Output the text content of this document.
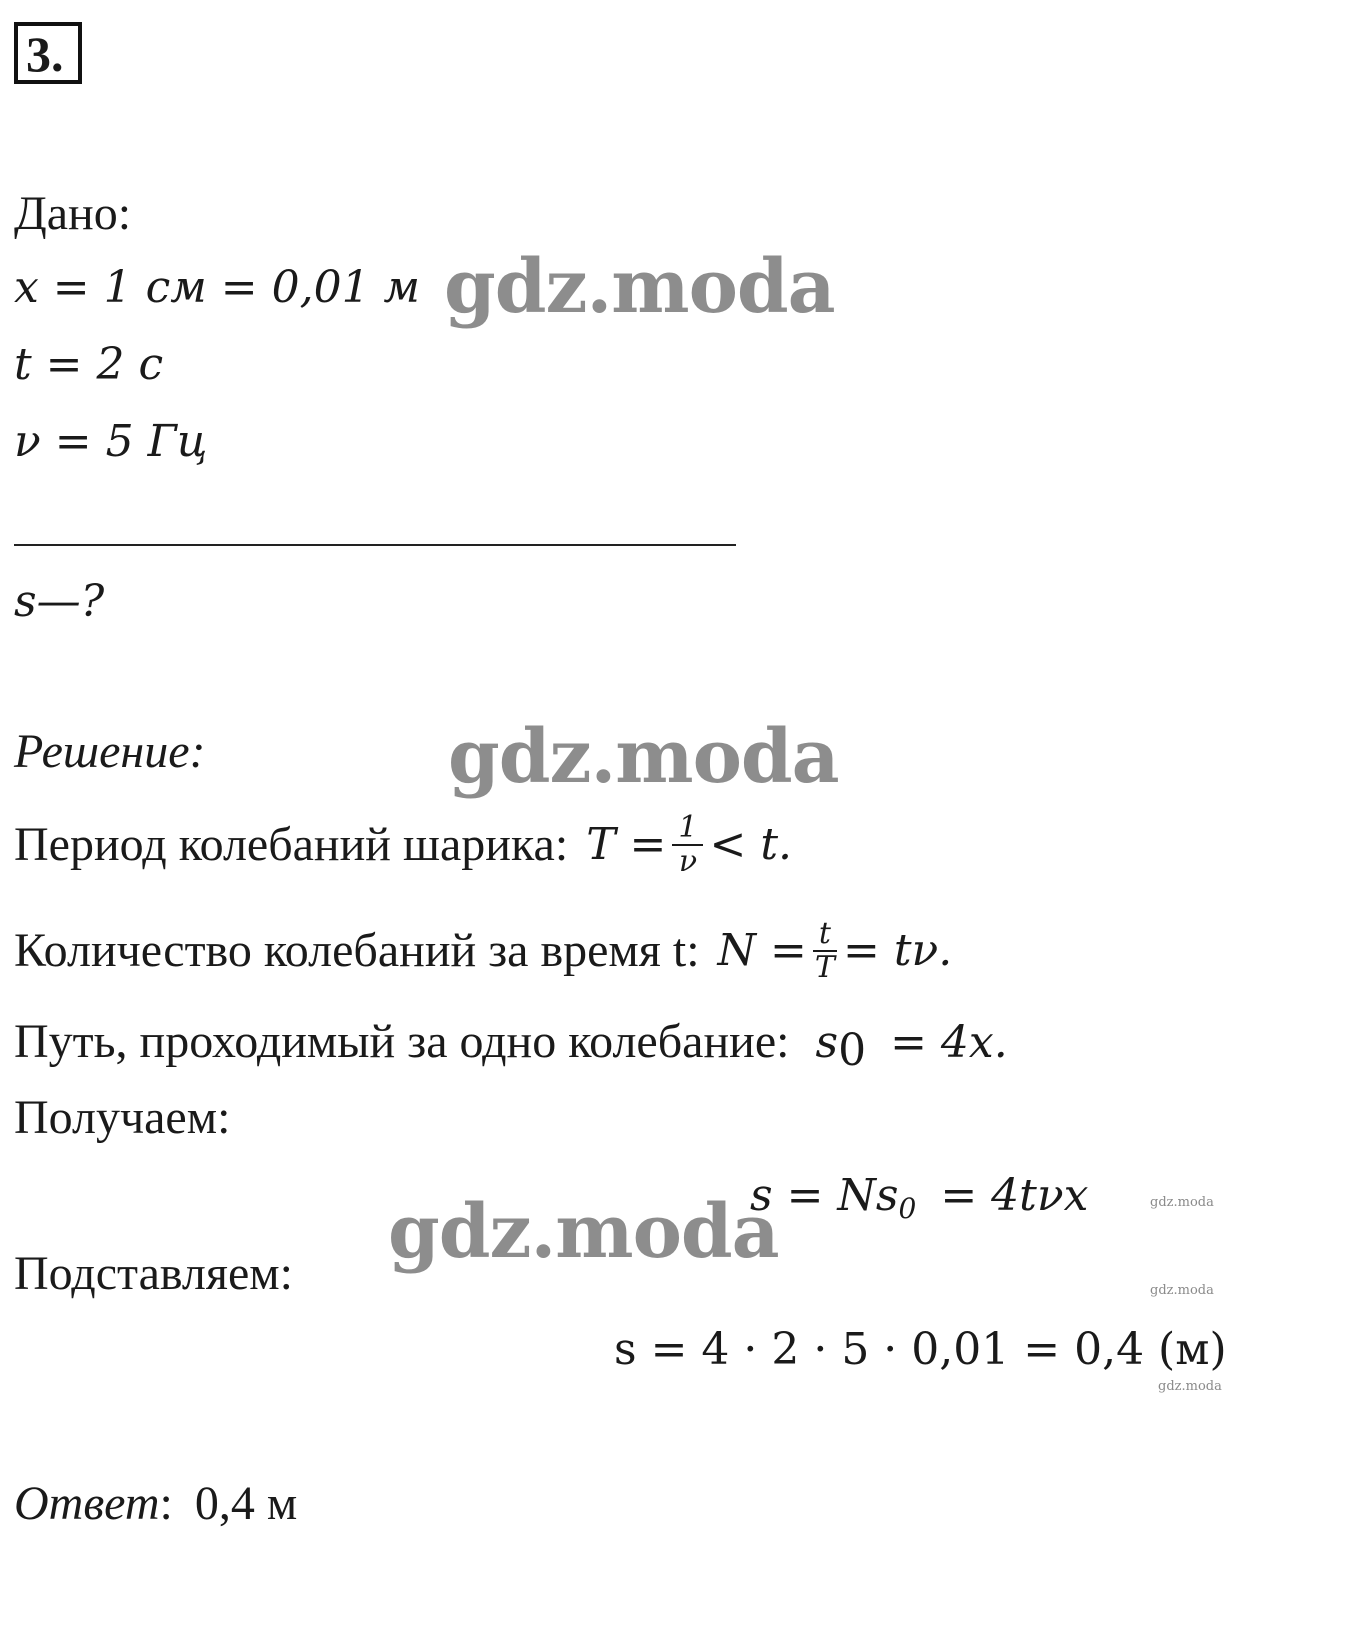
3.
Дано:
x = 1 см = 0,01 м
t = 2 с
ν = 5 Гц
s—?
Решение:
Период колебаний шарика: $T = \frac{1}{\nu} < t$.
Количество колебаний за время t: $N = \frac{t}{T} = t\nu$.
Путь, проходимый за одно колебание: $s_0 = 4x$.
Получаем:
$s = Ns_0 = 4t\nu x$
Подставляем:
s = 4 · 2 · 5 · 0,01 = 0,4 (м)
Ответ: 0,4 м
gdz.moda
gdz.moda
gdz.moda	gdz.moda
gdz.moda
gdz.moda
